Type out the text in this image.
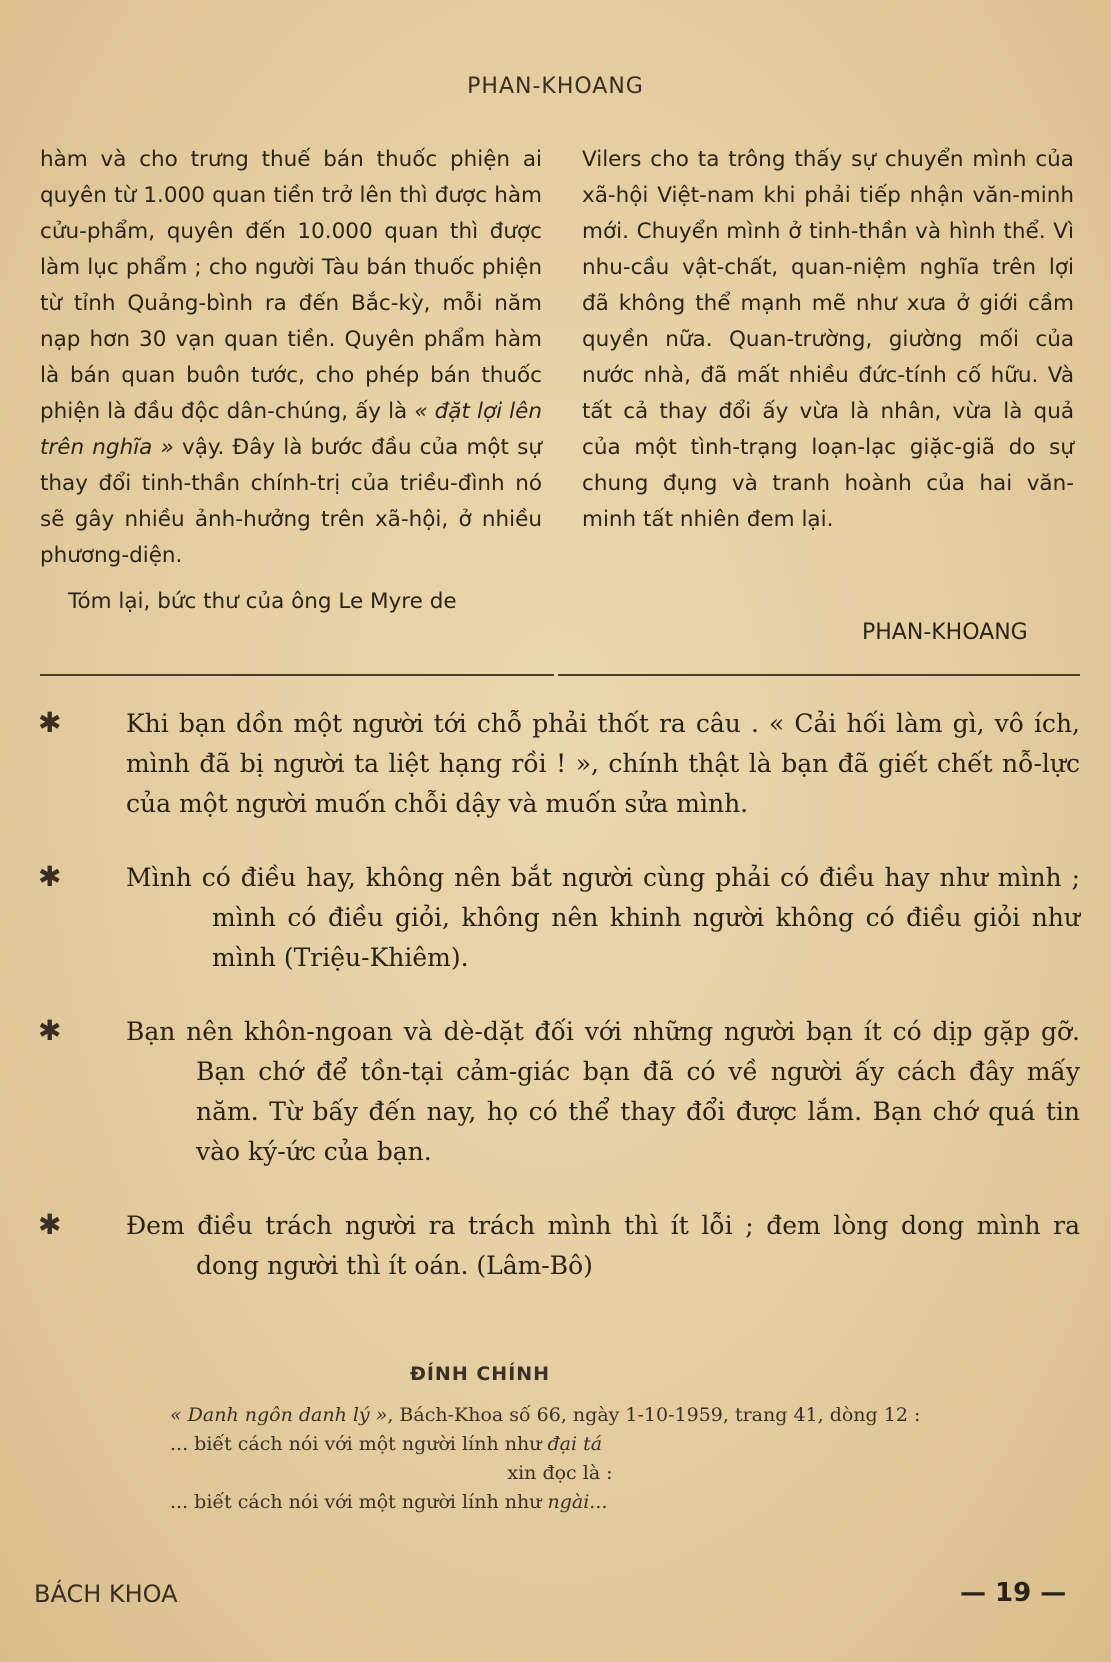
PHAN-KHOANG

hàm và cho trưng thuế bán thuốc phiện ai quyên từ 1.000 quan tiền trở lên thì được hàm cửu-phẩm, quyên đến 10.000 quan thì được làm lục phẩm ; cho người Tàu bán thuốc phiện từ tỉnh Quảng-bình ra đến Bắc-kỳ, mỗi năm nạp hơn 30 vạn quan tiền. Quyên phẩm hàm là bán quan buôn tước, cho phép bán thuốc phiện là đầu độc dân-chúng, ấy là « đặt lợi lên trên nghĩa » vậy. Đây là bước đầu của một sự thay đổi tinh-thần chính-trị của triều-đình nó sẽ gây nhiều ảnh-hưởng trên xã-hội, ở nhiều phương-diện.

Tóm lại, bức thư của ông Le Myre de

Vilers cho ta trông thấy sự chuyển mình của xã-hội Việt-nam khi phải tiếp nhận văn-minh mới. Chuyển mình ở tinh-thần và hình thể. Vì nhu-cầu vật-chất, quan-niệm nghĩa trên lợi đã không thể mạnh mẽ như xưa ở giới cầm quyền nữa. Quan-trường, giường mối của nước nhà, đã mất nhiều đức-tính cố hữu. Và tất cả thay đổi ấy vừa là nhân, vừa là quả của một tình-trạng loạn-lạc giặc-giã do sự chung đụng và tranh hoành của hai văn-minh tất nhiên đem lại.

PHAN-KHOANG
✱	Khi bạn dồn một người tới chỗ phải thốt ra câu . « Cải hối làm gì, vô ích, mình đã bị người ta liệt hạng rồi ! », chính thật là bạn đã giết chết nỗ-lực của một người muốn chỗi dậy và muốn sửa mình.
✱	Mình có điều hay, không nên bắt người cùng phải có điều hay như mình ; mình có điều giỏi, không nên khinh người không có điều giỏi như mình (Triệu-Khiêm).
✱	Bạn nên khôn-ngoan và dè-dặt đối với những người bạn ít có dịp gặp gỡ. Bạn chớ để tồn-tại cảm-giác bạn đã có về người ấy cách đây mấy năm. Từ bấy đến nay, họ có thể thay đổi được lắm. Bạn chớ quá tin vào ký-ức của bạn.
✱	Đem điều trách người ra trách mình thì ít lỗi ; đem lòng dong mình ra dong người thì ít oán. (Lâm-Bô)
ĐÍNH CHÍNH
« Danh ngôn danh lý », Bách-Khoa số 66, ngày 1-10-1959, trang 41, dòng 12 :
... biết cách nói với một người lính như đại tá
xin đọc là :
... biết cách nói với một người lính như ngài...
BÁCH KHOA	— 19 —
